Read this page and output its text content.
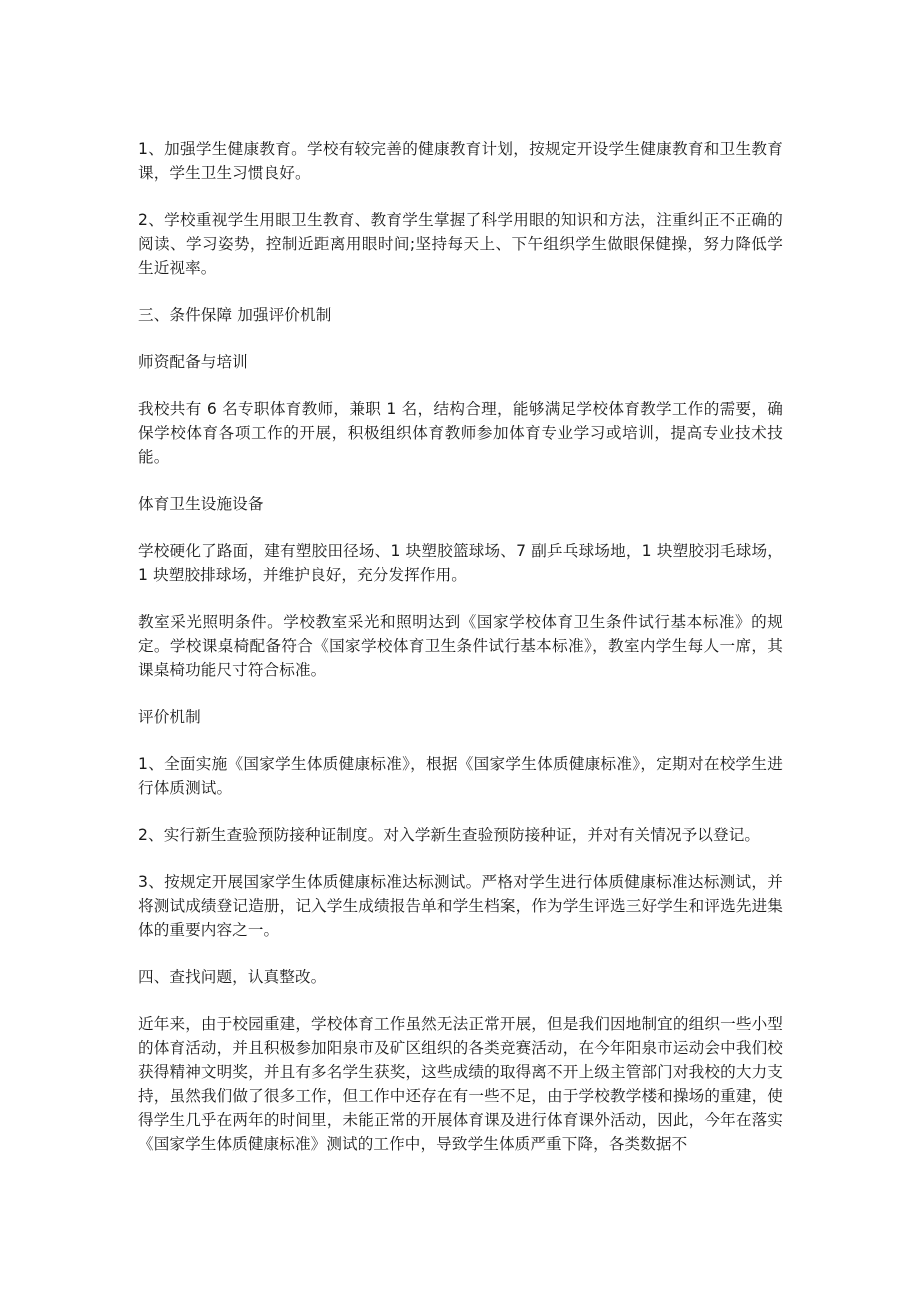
1、加强学生健康教育。学校有较完善的健康教育计划，按规定开设学生健康教育和卫生教育课，学生卫生习惯良好。

2、学校重视学生用眼卫生教育、教育学生掌握了科学用眼的知识和方法，注重纠正不正确的阅读、学习姿势，控制近距离用眼时间;坚持每天上、下午组织学生做眼保健操，努力降低学生近视率。

三、条件保障 加强评价机制

师资配备与培训

我校共有 6 名专职体育教师，兼职 1 名，结构合理，能够满足学校体育教学工作的需要，确保学校体育各项工作的开展，积极组织体育教师参加体育专业学习或培训，提高专业技术技能。

体育卫生设施设备

学校硬化了路面，建有塑胶田径场、1 块塑胶篮球场、7 副乒乓球场地，1 块塑胶羽毛球场，1 块塑胶排球场，并维护良好，充分发挥作用。

教室采光照明条件。学校教室采光和照明达到《国家学校体育卫生条件试行基本标准》的规定。学校课桌椅配备符合《国家学校体育卫生条件试行基本标准》，教室内学生每人一席，其课桌椅功能尺寸符合标准。

评价机制

1、全面实施《国家学生体质健康标准》，根据《国家学生体质健康标准》，定期对在校学生进行体质测试。

2、实行新生查验预防接种证制度。对入学新生查验预防接种证，并对有关情况予以登记。

3、按规定开展国家学生体质健康标准达标测试。严格对学生进行体质健康标准达标测试，并将测试成绩登记造册，记入学生成绩报告单和学生档案，作为学生评选三好学生和评选先进集体的重要内容之一。

四、查找问题，认真整改。

近年来，由于校园重建，学校体育工作虽然无法正常开展，但是我们因地制宜的组织一些小型的体育活动，并且积极参加阳泉市及矿区组织的各类竞赛活动，在今年阳泉市运动会中我们校获得精神文明奖，并且有多名学生获奖，这些成绩的取得离不开上级主管部门对我校的大力支持，虽然我们做了很多工作，但工作中还存在有一些不足，由于学校教学楼和操场的重建，使得学生几乎在两年的时间里，未能正常的开展体育课及进行体育课外活动，因此，今年在落实《国家学生体质健康标准》测试的工作中，导致学生体质严重下降，各类数据不
